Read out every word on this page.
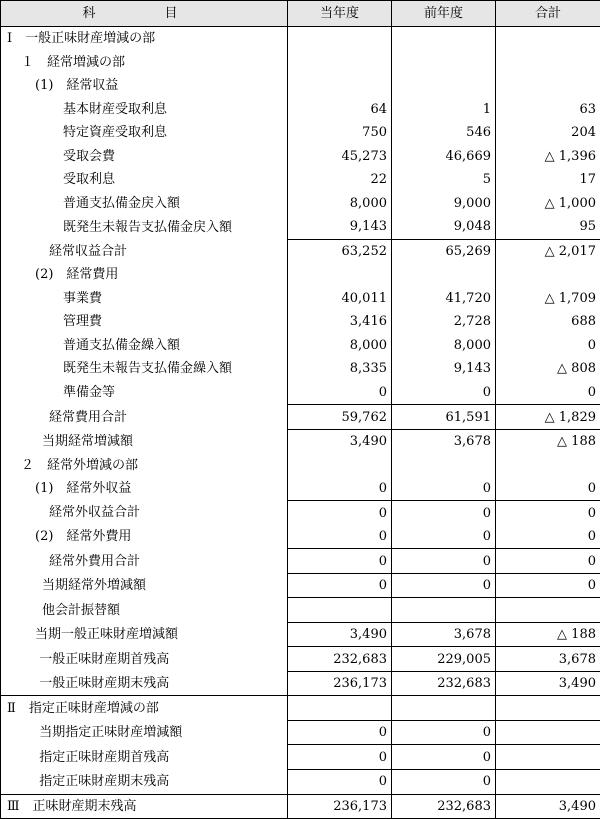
科　目	当年度	前年度	合計
Ⅰ　一般正味財産増減の部			
１　経常増減の部			
(1)　経常収益			
基本財産受取利息	64	1	63
特定資産受取利息	750	546	204
受取会費	45,273	46,669	△ 1,396
受取利息	22	5	17
普通支払備金戻入額	8,000	9,000	△ 1,000
既発生未報告支払備金戻入額	9,143	9,048	95
経常収益合計	63,252	65,269	△ 2,017
(2)　経常費用			
事業費	40,011	41,720	△ 1,709
管理費	3,416	2,728	688
普通支払備金繰入額	8,000	8,000	0
既発生未報告支払備金繰入額	8,335	9,143	△ 808
準備金等	0	0	0
経常費用合計	59,762	61,591	△ 1,829
当期経常増減額	3,490	3,678	△ 188
２　経常外増減の部			
(1)　経常外収益	0	0	0
経常外収益合計	0	0	0
(2)　経常外費用	0	0	0
経常外費用合計	0	0	0
当期経常外増減額	0	0	0
他会計振替額			
当期一般正味財産増減額	3,490	3,678	△ 188
一般正味財産期首残高	232,683	229,005	3,678
一般正味財産期末残高	236,173	232,683	3,490
Ⅱ　指定正味財産増減の部			
当期指定正味財産増減額	0	0	
指定正味財産期首残高	0	0	
指定正味財産期末残高	0	0	
Ⅲ　正味財産期末残高	236,173	232,683	3,490
